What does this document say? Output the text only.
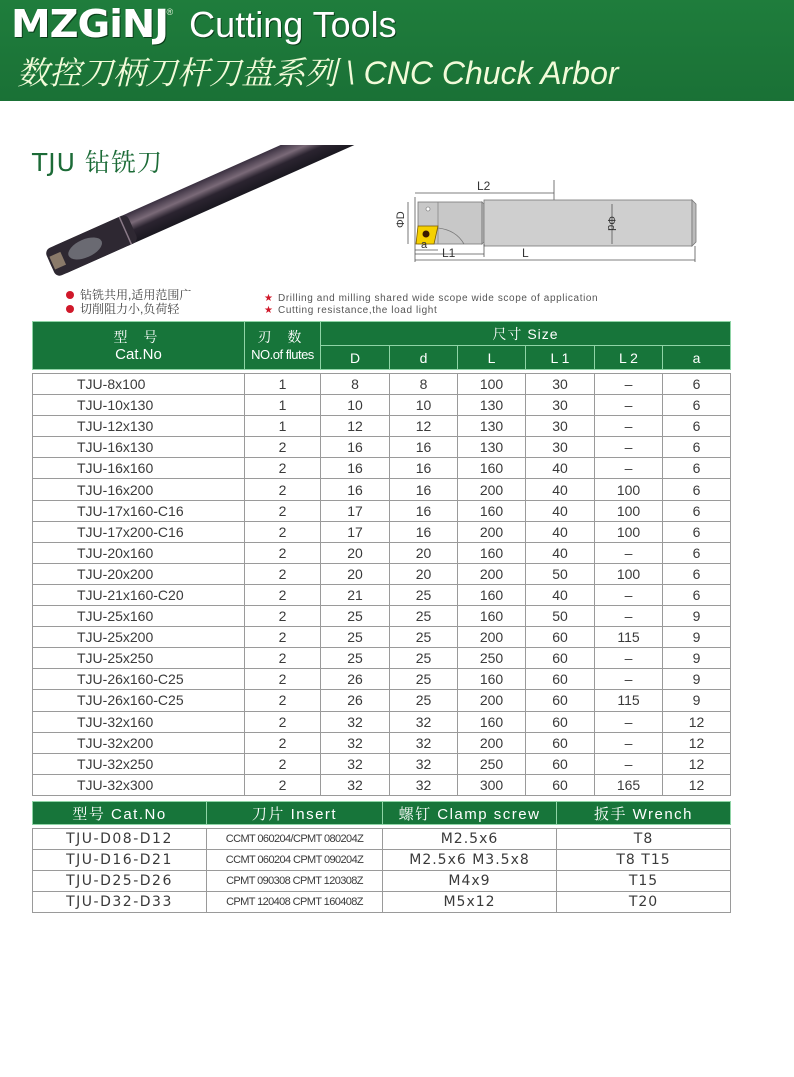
MZGiNJ
® Cutting Tools
数控刀柄刀杆刀盘系列 \ CNC Chuck Arbor
TJU 钻铣刀
L2
ΦD	Φd
a
L1	L
钻铣共用,适用范围广
切削阻力小,负荷轻
★ Drilling and milling shared wide scope wide scope of application
★ Cutting resistance,the load light
型 号
Cat.No	刃 数
NO.of flutes	尺寸 Size					
		D	d	L	L 1	L 2	a

TJU-8x100	1	8	8	100	30	–	6
TJU-10x130	1	10	10	130	30	–	6
TJU-12x130	1	12	12	130	30	–	6
TJU-16x130	2	16	16	130	30	–	6
TJU-16x160	2	16	16	160	40	–	6
TJU-16x200	2	16	16	200	40	100	6
TJU-17x160-C16	2	17	16	160	40	100	6
TJU-17x200-C16	2	17	16	200	40	100	6
TJU-20x160	2	20	20	160	40	–	6
TJU-20x200	2	20	20	200	50	100	6
TJU-21x160-C20	2	21	25	160	40	–	6
TJU-25x160	2	25	25	160	50	–	9
TJU-25x200	2	25	25	200	60	115	9
TJU-25x250	2	25	25	250	60	–	9
TJU-26x160-C25	2	26	25	160	60	–	9
TJU-26x160-C25	2	26	25	200	60	115	9
TJU-32x160	2	32	32	160	60	–	12
TJU-32x200	2	32	32	200	60	–	12
TJU-32x250	2	32	32	250	60	–	12
TJU-32x300	2	32	32	300	60	165	12
型号 Cat.No	刀片 Insert	螺钉 Clamp screw	扳手 Wrench

TJU-D08-D12	CCMT 060204/CPMT 080204Z	M2.5x6	T8
TJU-D16-D21	CCMT 060204 CPMT 090204Z	M2.5x6 M3.5x8	T8 T15
TJU-D25-D26	CPMT 090308 CPMT 120308Z	M4x9	T15
TJU-D32-D33	CPMT 120408 CPMT 160408Z	M5x12	T20
